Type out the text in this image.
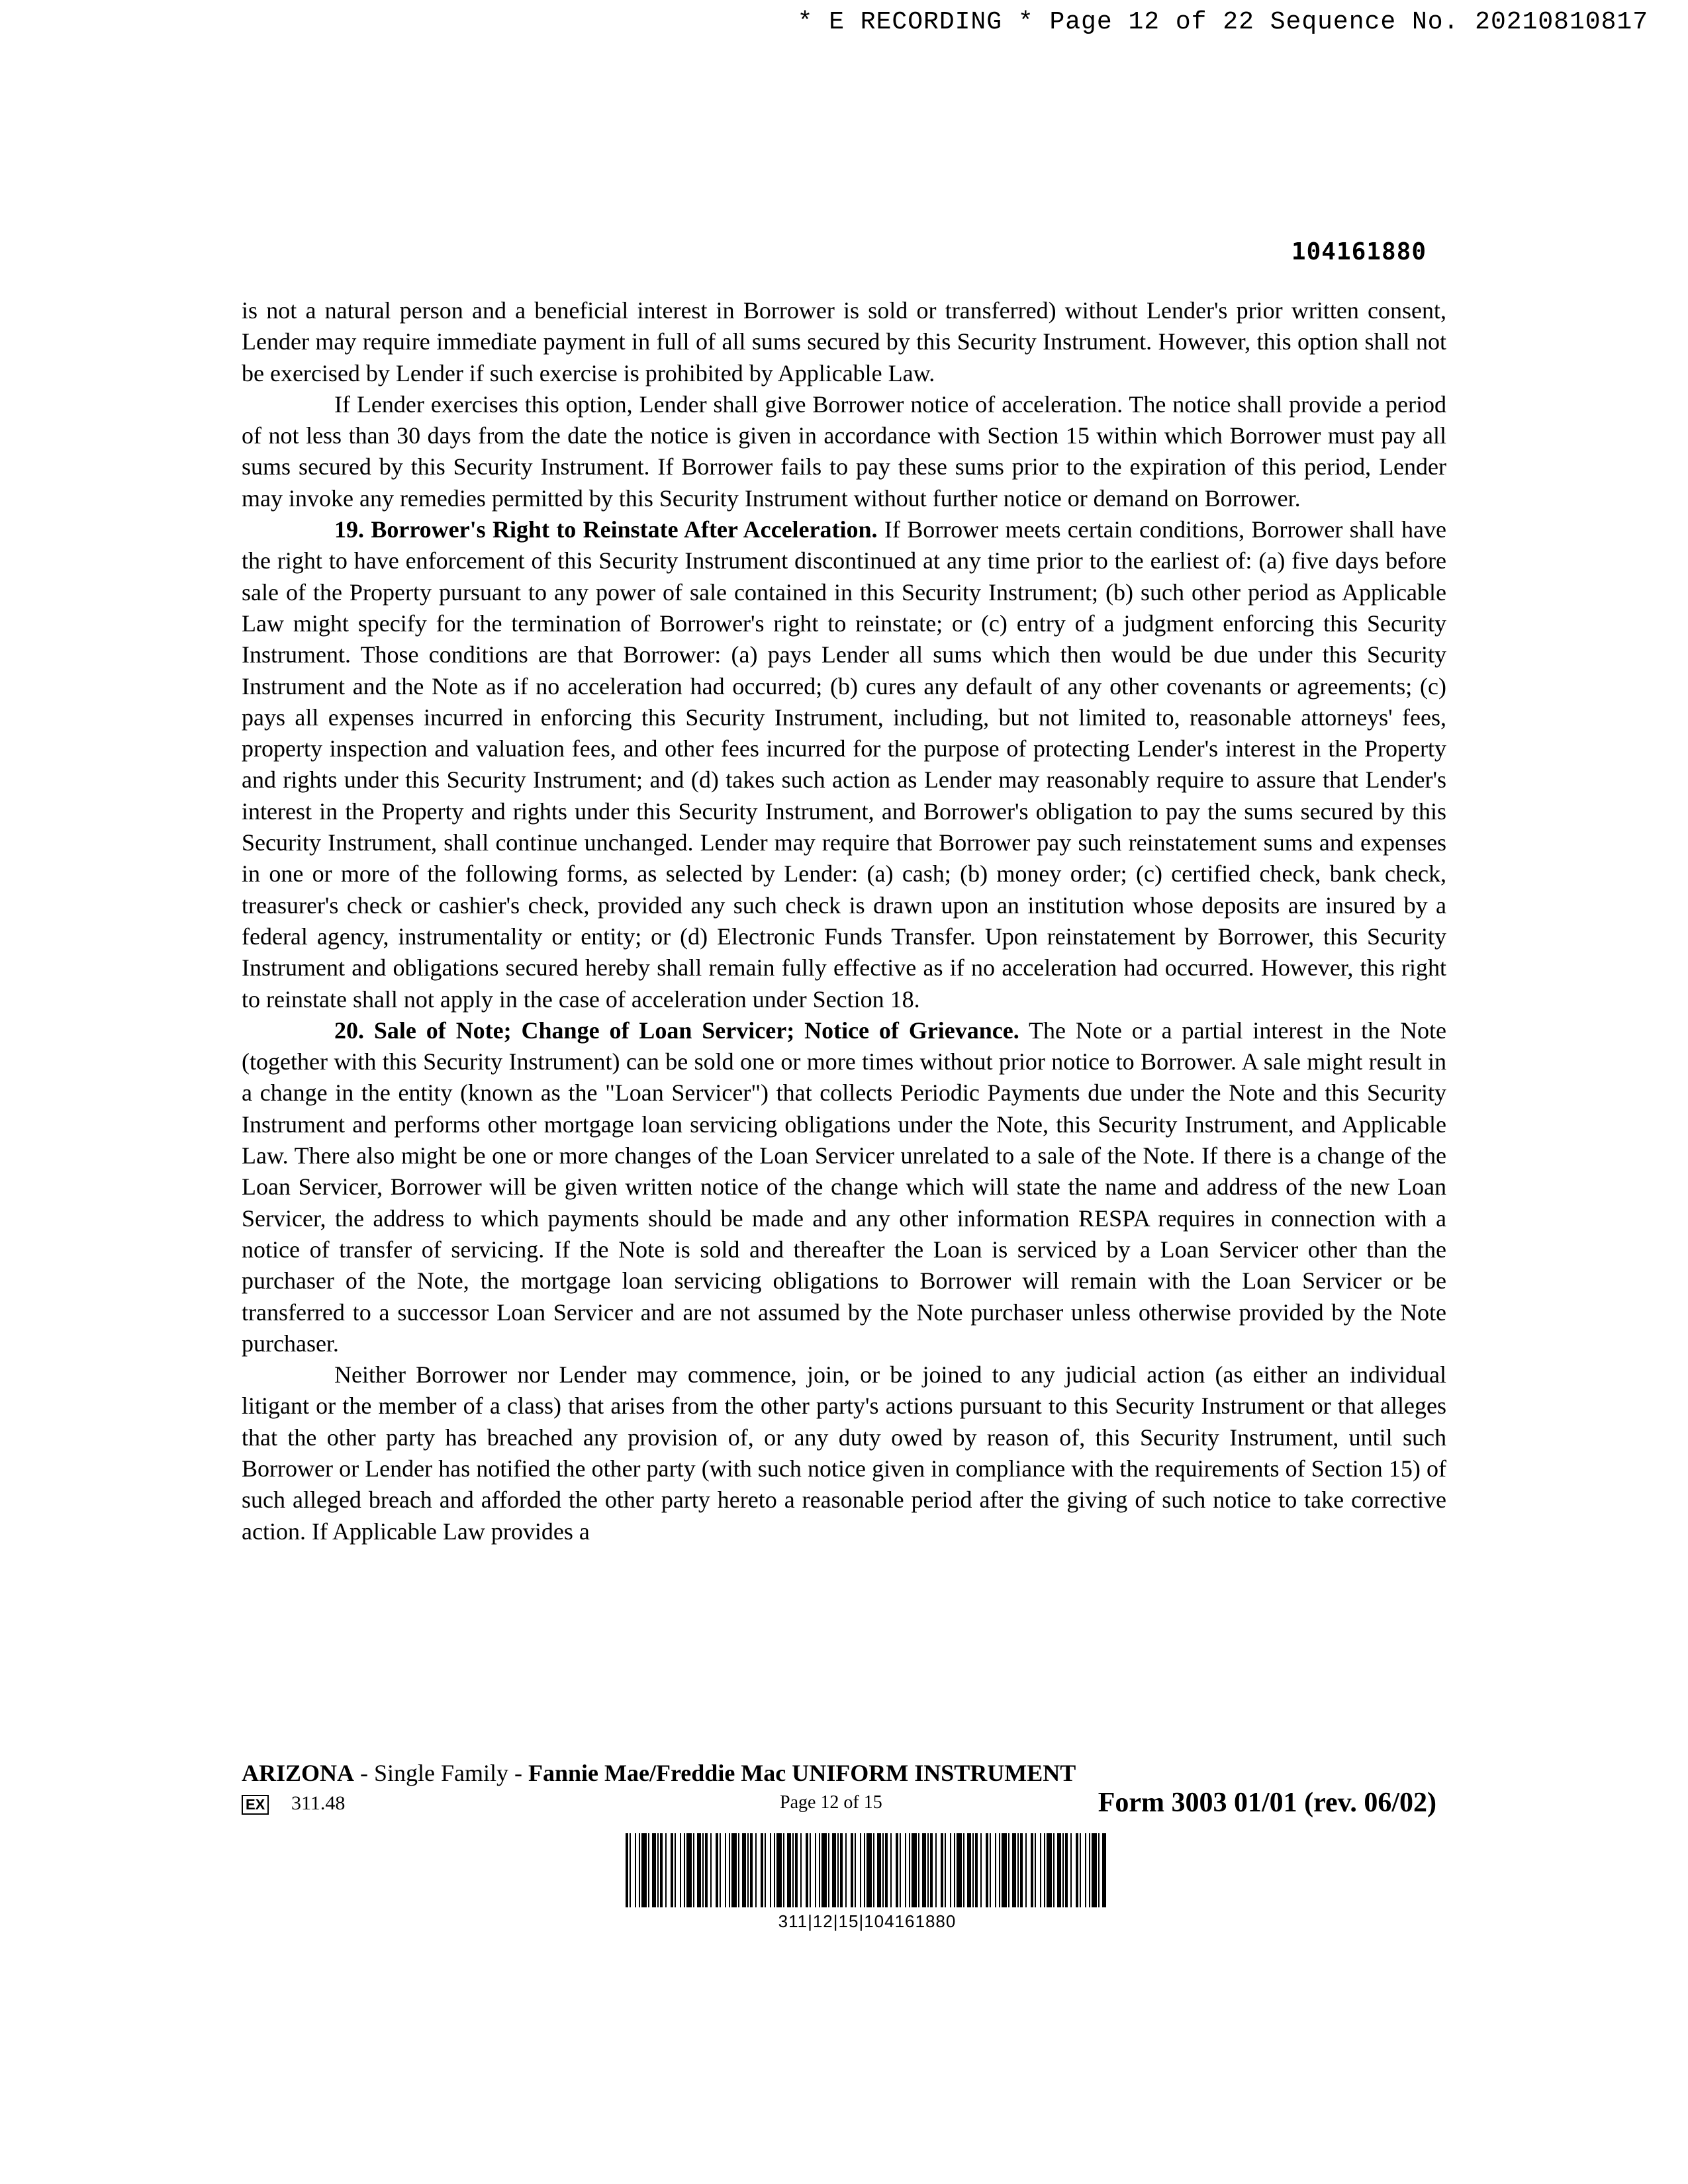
* E RECORDING * Page 12 of 22 Sequence No. 20210810817
104161880

is not a natural person and a beneficial interest in Borrower is sold or transferred) without Lender's prior written consent, Lender may require immediate payment in full of all sums secured by this Security Instrument. However, this option shall not be exercised by Lender if such exercise is prohibited by Applicable Law.

If Lender exercises this option, Lender shall give Borrower notice of acceleration. The notice shall provide a period of not less than 30 days from the date the notice is given in accordance with Section 15 within which Borrower must pay all sums secured by this Security Instrument. If Borrower fails to pay these sums prior to the expiration of this period, Lender may invoke any remedies permitted by this Security Instrument without further notice or demand on Borrower.

19. Borrower's Right to Reinstate After Acceleration. If Borrower meets certain conditions, Borrower shall have the right to have enforcement of this Security Instrument discontinued at any time prior to the earliest of: (a) five days before sale of the Property pursuant to any power of sale contained in this Security Instrument; (b) such other period as Applicable Law might specify for the termination of Borrower's right to reinstate; or (c) entry of a judgment enforcing this Security Instrument. Those conditions are that Borrower: (a) pays Lender all sums which then would be due under this Security Instrument and the Note as if no acceleration had occurred; (b) cures any default of any other covenants or agreements; (c) pays all expenses incurred in enforcing this Security Instrument, including, but not limited to, reasonable attorneys' fees, property inspection and valuation fees, and other fees incurred for the purpose of protecting Lender's interest in the Property and rights under this Security Instrument; and (d) takes such action as Lender may reasonably require to assure that Lender's interest in the Property and rights under this Security Instrument, and Borrower's obligation to pay the sums secured by this Security Instrument, shall continue unchanged. Lender may require that Borrower pay such reinstatement sums and expenses in one or more of the following forms, as selected by Lender: (a) cash; (b) money order; (c) certified check, bank check, treasurer's check or cashier's check, provided any such check is drawn upon an institution whose deposits are insured by a federal agency, instrumentality or entity; or (d) Electronic Funds Transfer. Upon reinstatement by Borrower, this Security Instrument and obligations secured hereby shall remain fully effective as if no acceleration had occurred. However, this right to reinstate shall not apply in the case of acceleration under Section 18.

20. Sale of Note; Change of Loan Servicer; Notice of Grievance. The Note or a partial interest in the Note (together with this Security Instrument) can be sold one or more times without prior notice to Borrower. A sale might result in a change in the entity (known as the "Loan Servicer") that collects Periodic Payments due under the Note and this Security Instrument and performs other mortgage loan servicing obligations under the Note, this Security Instrument, and Applicable Law. There also might be one or more changes of the Loan Servicer unrelated to a sale of the Note. If there is a change of the Loan Servicer, Borrower will be given written notice of the change which will state the name and address of the new Loan Servicer, the address to which payments should be made and any other information RESPA requires in connection with a notice of transfer of servicing. If the Note is sold and thereafter the Loan is serviced by a Loan Servicer other than the purchaser of the Note, the mortgage loan servicing obligations to Borrower will remain with the Loan Servicer or be transferred to a successor Loan Servicer and are not assumed by the Note purchaser unless otherwise provided by the Note purchaser.

Neither Borrower nor Lender may commence, join, or be joined to any judicial action (as either an individual litigant or the member of a class) that arises from the other party's actions pursuant to this Security Instrument or that alleges that the other party has breached any provision of, or any duty owed by reason of, this Security Instrument, until such Borrower or Lender has notified the other party (with such notice given in compliance with the requirements of Section 15) of such alleged breach and afforded the other party hereto a reasonable period after the giving of such notice to take corrective action. If Applicable Law provides a

ARIZONA - Single Family - Fannie Mae/Freddie Mac UNIFORM INSTRUMENT
EX 311.48	Page 12 of 15	Form 3003 01/01 (rev. 06/02)
311|12|15|104161880
